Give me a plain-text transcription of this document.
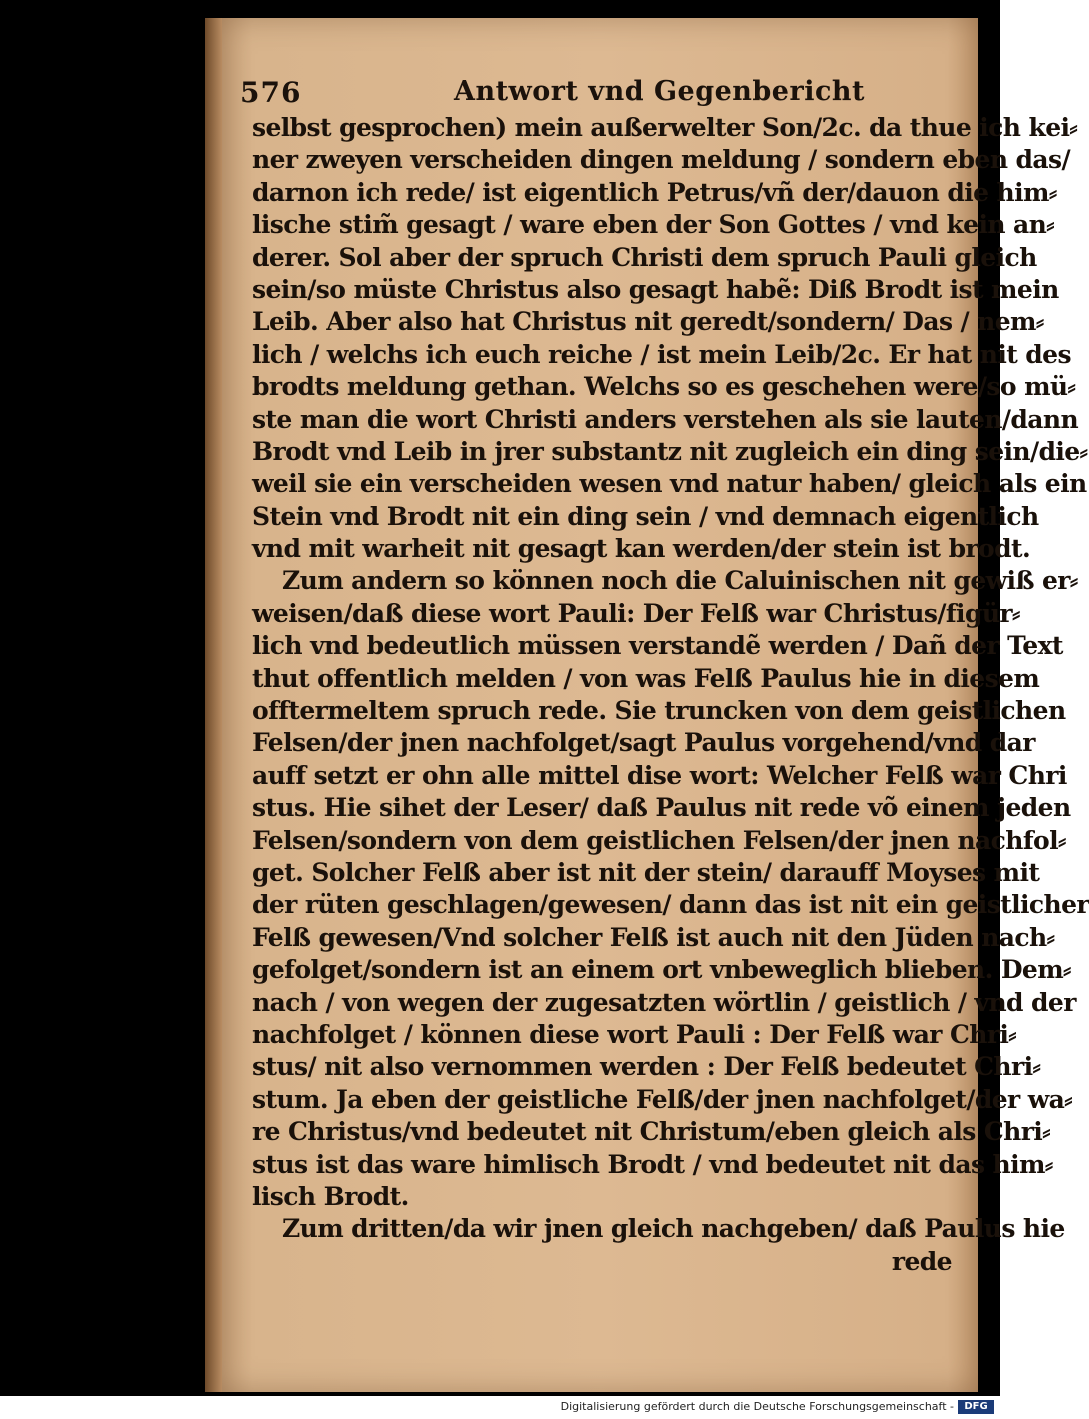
576	Antwort vnd Gegenbericht
selbst gesprochen) mein außerwelter Son/2c. da thue ich kei⸗
ner zweyen verscheiden dingen meldung / sondern eben das/
darnon ich rede/ ist eigentlich Petrus/vñ der/dauon die him⸗
lische stim̃ gesagt / ware eben der Son Gottes / vnd kein an⸗
derer. Sol aber der spruch Christi dem spruch Pauli gleich
sein/so müste Christus also gesagt habẽ: Diß Brodt ist mein
Leib. Aber also hat Christus nit geredt/sondern/ Das / nem⸗
lich / welchs ich euch reiche / ist mein Leib/2c. Er hat nit des
brodts meldung gethan. Welchs so es geschehen were/so mü⸗
ste man die wort Christi anders verstehen als sie lauten/dann
Brodt vnd Leib in jrer substantz nit zugleich ein ding sein/die⸗
weil sie ein verscheiden wesen vnd natur haben/ gleich als ein
Stein vnd Brodt nit ein ding sein / vnd demnach eigentlich
vnd mit warheit nit gesagt kan werden/der stein ist brodt.
Zum andern so können noch die Caluinischen nit gewiß er⸗
weisen/daß diese wort Pauli: Der Felß war Christus/figür⸗
lich vnd bedeutlich müssen verstandẽ werden / Dañ der Text
thut offentlich melden / von was Felß Paulus hie in diesem
offtermeltem spruch rede. Sie truncken von dem geistlichen
Felsen/der jnen nachfolget/sagt Paulus vorgehend/vnd dar
auff setzt er ohn alle mittel dise wort: Welcher Felß war Chri
stus. Hie sihet der Leser/ daß Paulus nit rede võ einem jeden
Felsen/sondern von dem geistlichen Felsen/der jnen nachfol⸗
get. Solcher Felß aber ist nit der stein/ darauff Moyses mit
der rüten geschlagen/gewesen/ dann das ist nit ein geistlicher
Felß gewesen/Vnd solcher Felß ist auch nit den Jüden nach⸗
gefolget/sondern ist an einem ort vnbeweglich blieben. Dem⸗
nach / von wegen der zugesatzten wörtlin / geistlich / vnd der
nachfolget / können diese wort Pauli : Der Felß war Chri⸗
stus/ nit also vernommen werden : Der Felß bedeutet Chri⸗
stum. Ja eben der geistliche Felß/der jnen nachfolget/der wa⸗
re Christus/vnd bedeutet nit Christum/eben gleich als Chri⸗
stus ist das ware himlisch Brodt / vnd bedeutet nit das him⸗
lisch Brodt.
Zum dritten/da wir jnen gleich nachgeben/ daß Paulus hie
rede
Digitalisierung gefördert durch die Deutsche Forschungsgemeinschaft -	DFG
